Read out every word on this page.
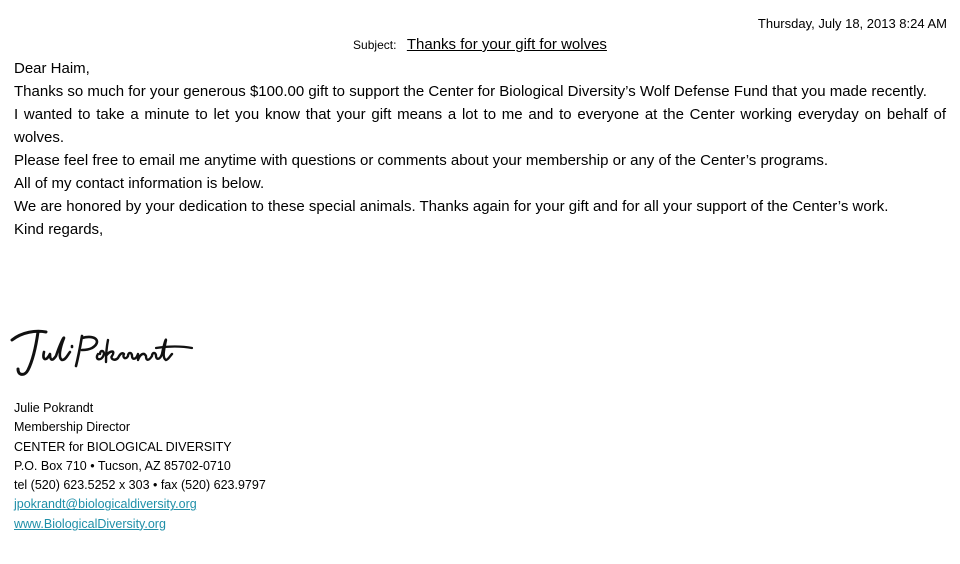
Thursday, July 18, 2013 8:24 AM
Subject: Thanks for your gift for wolves

Dear Haim,

Thanks so much for your generous $100.00 gift to support the Center for Biological Diversity’s Wolf Defense Fund that you made recently.

I wanted to take a minute to let you know that your gift means a lot to me and to everyone at the Center working everyday on behalf of wolves.

Please feel free to email me anytime with questions or comments about your membership or any of the Center’s programs.

All of my contact information is below.

We are honored by your dedication to these special animals. Thanks again for your gift and for all your support of the Center’s work.

Kind regards,

Julie Pokrandt
Membership Director
CENTER for BIOLOGICAL DIVERSITY
P.O. Box 710 • Tucson, AZ 85702-0710
tel (520) 623.5252 x 303 • fax (520) 623.9797
jpokrandt@biologicaldiversity.org
www.BiologicalDiversity.org
